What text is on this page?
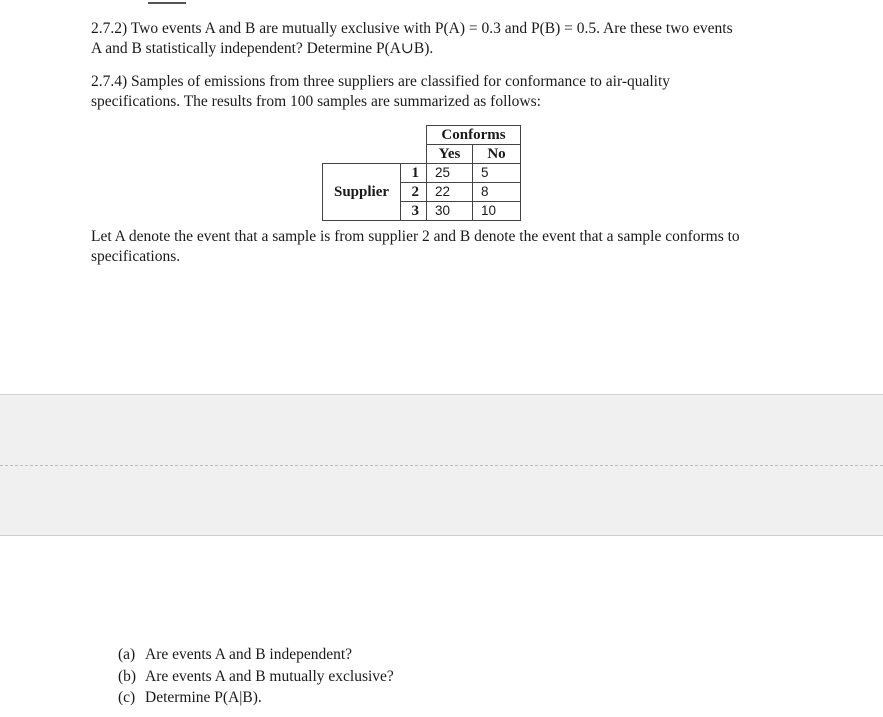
2.7.2) Two events A and B are mutually exclusive with P(A) = 0.3 and P(B) = 0.5. Are these two events
A and B statistically independent? Determine P(A∪B).

2.7.4) Samples of emissions from three suppliers are classified for conformance to air-quality
specifications. The results from 100 samples are summarized as follows:

		Conforms	
		Yes	No
	1	25	5
Supplier	2	22	8
	3	30	10

Let A denote the event that a sample is from supplier 2 and B denote the event that a sample conforms to
specifications.

(a) Are events A and B independent?
(b) Are events A and B mutually exclusive?
(c) Determine P(A|B).
